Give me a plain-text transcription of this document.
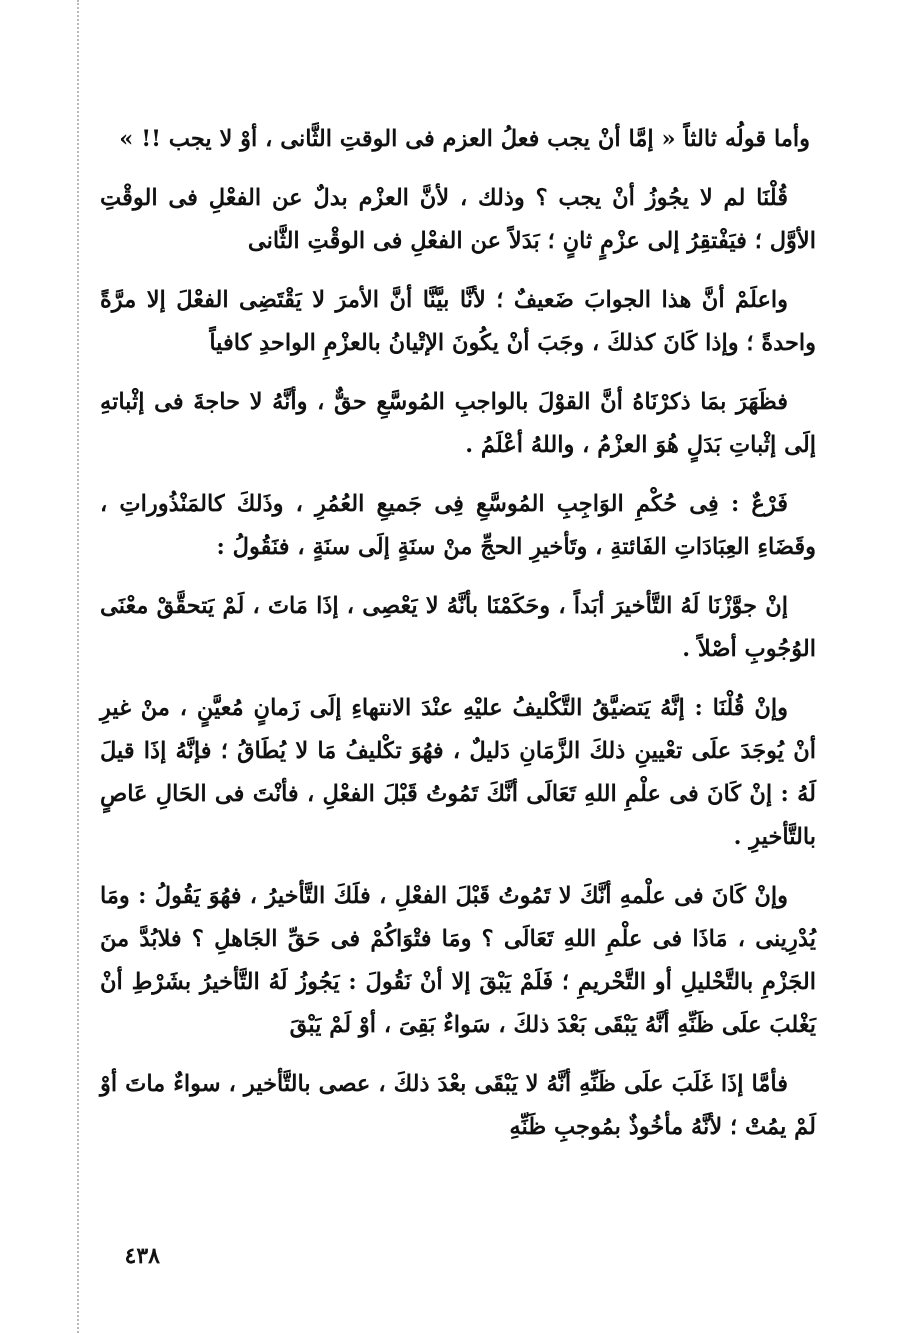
وأما قولُه ثالثاً « إمَّا أنْ يجب فعلُ العزم فى الوقتِ الثَّانى ، أوْ لا يجب !! »

قُلْنَا لم لا يجُوزُ أنْ يجب ؟ وذلك ، لأنَّ العزْم بدلٌ عن الفعْلِ فى الوقْتِ الأوَّل ؛ فيَفْتقِرُ إلى عزْمٍ ثانٍ ؛ بَدَلاً عن الفعْلِ فى الوقْتِ الثَّانى

واعلَمْ أنَّ هذا الجوابَ ضَعيفٌ ؛ لأنَّا بيَّنَّا أنَّ الأمرَ لا يَقْتَضِى الفعْلَ إلا مرَّةً واحدةً ؛ وإذا كَانَ كذلكَ ، وجَبَ أنْ يكُونَ الإتْيانُ بالعزْمِ الواحدِ كافياً

فظَهَرَ بمَا ذكرْنَاهُ أنَّ القوْلَ بالواجبِ المُوسَّعِ حقٌّ ، وأنَّهُ لا حاجةَ فى إثْباتهِ إلَى إثْباتِ بَدَلٍ هُوَ العزْمُ ، واللهُ أعْلَمُ .

فَرْعٌ : فِى حُكْمِ الوَاجِبِ المُوسَّعِ فِى جَميعِ العُمُرِ ، وذَلكَ كالمَنْذُوراتِ ، وقَضَاءِ العِبَادَاتِ الفَائتةِ ، وتَأخيرِ الحجِّ منْ سنَةٍ إلَى سنَةٍ ، فنَقُولُ :

إنْ جوَّزْنَا لَهُ التَّأخيرَ أبَداً ، وحَكَمْنَا بأنَّهُ لا يَعْصِى ، إذَا مَاتَ ، لَمْ يَتحقَّقْ معْنَى الوُجُوبِ أصْلاً .

وإنْ قُلْنَا : إنَّهُ يَتضيَّقُ التَّكْليفُ عليْهِ عنْدَ الانتهاءِ إلَى زَمانٍ مُعيَّنٍ ، منْ غيرِ أنْ يُوجَدَ علَى تعْيينِ ذلكَ الزَّمَانِ دَليلٌ ، فهُوَ تكْليفُ مَا لا يُطَاقُ ؛ فإنَّهُ إذَا قيلَ لَهُ : إنْ كَانَ فى علْمِ اللهِ تَعَالَى أنَّكَ تَمُوتُ قَبْلَ الفعْلِ ، فأنْتَ فى الحَالِ عَاصٍ بالتَّأخيرِ .

وإنْ كَانَ فى علْمهِ أنَّكَ لا تَمُوتُ قَبْلَ الفعْلِ ، فلَكَ التَّأخيرُ ، فهُوَ يَقُولُ : ومَا يُدْرِينى ، مَاذَا فى علْمِ اللهِ تَعَالَى ؟ ومَا فتْوَاكُمْ فى حَقِّ الجَاهلِ ؟ فلابُدَّ منَ الجَزْمِ بالتَّحْليلِ أو التَّحْريمِ ؛ فَلَمْ يَبْقَ إلا أنْ نَقُولَ : يَجُوزُ لَهُ التَّأخيرُ بشَرْطِ أنْ يَغْلبَ علَى ظَنِّهِ أنَّهُ يَبْقَى بَعْدَ ذلكَ ، سَواءٌ بَقِىَ ، أوْ لَمْ يَبْقَ

فأمَّا إذَا غَلَبَ علَى ظَنِّهِ أنَّهُ لا يَبْقَى بعْدَ ذلكَ ، عصى بالتَّأخير ، سواءٌ ماتَ أوْ لَمْ يمُتْ ؛ لأنَّهُ مأخُوذٌ بمُوجبِ ظَنِّهِ

٤٣٨
